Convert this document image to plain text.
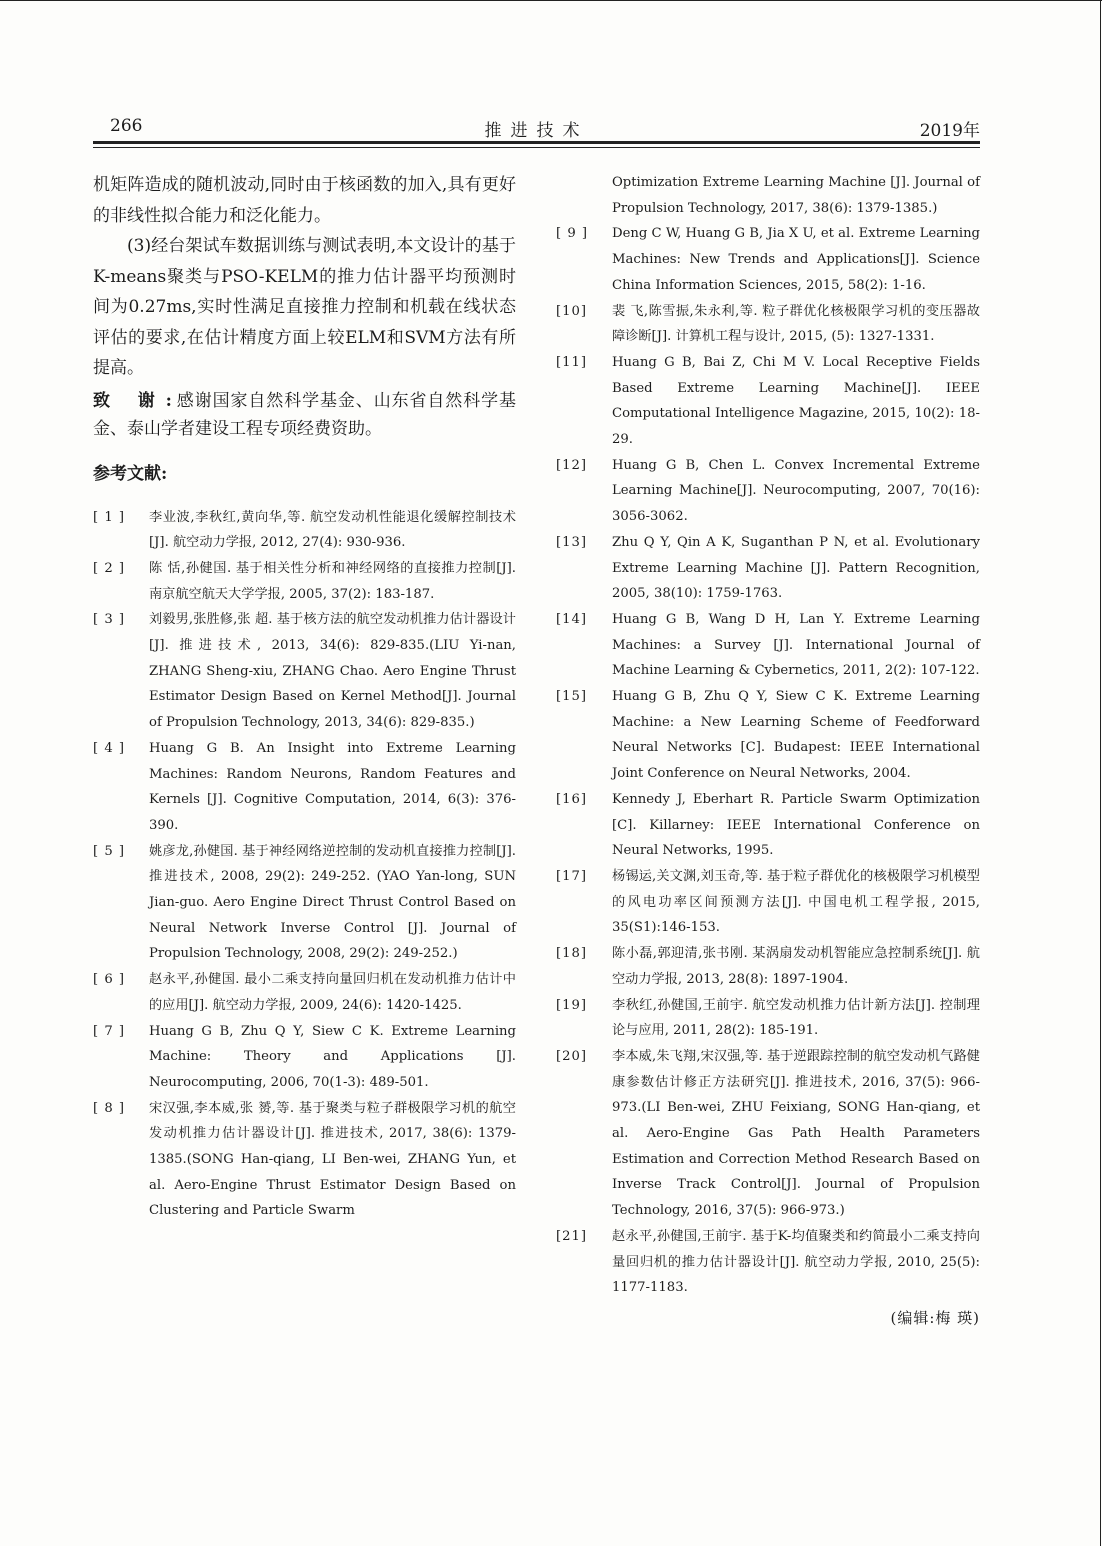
266	推进技术	2019年

机矩阵造成的随机波动,同时由于核函数的加入,具有更好的非线性拟合能力和泛化能力。

(3)经台架试车数据训练与测试表明,本文设计的基于K-means聚类与PSO-KELM的推力估计器平均预测时间为0.27ms,实时性满足直接推力控制和机载在线状态评估的要求,在估计精度方面上较ELM和SVM方法有所提高。

致 谢:感谢国家自然科学基金、山东省自然科学基金、泰山学者建设工程专项经费资助。

参考文献:
[ 1 ]	李业波,李秋红,黄向华,等. 航空发动机性能退化缓解控制技术[J]. 航空动力学报, 2012, 27(4): 930-936.
[ 2 ]	陈 恬,孙健国. 基于相关性分析和神经网络的直接推力控制[J]. 南京航空航天大学学报, 2005, 37(2): 183-187.
[ 3 ]	刘毅男,张胜修,张 超. 基于核方法的航空发动机推力估计器设计[J]. 推进技术, 2013, 34(6): 829-835.(LIU Yi-nan, ZHANG Sheng-xiu, ZHANG Chao. Aero Engine Thrust Estimator Design Based on Kernel Method[J]. Journal of Propulsion Technology, 2013, 34(6): 829-835.)
[ 4 ]	Huang G B. An Insight into Extreme Learning Machines: Random Neurons, Random Features and Kernels [J]. Cognitive Computation, 2014, 6(3): 376-390.
[ 5 ]	姚彦龙,孙健国. 基于神经网络逆控制的发动机直接推力控制[J]. 推进技术, 2008, 29(2): 249-252. (YAO Yan-long, SUN Jian-guo. Aero Engine Direct Thrust Control Based on Neural Network Inverse Control [J]. Journal of Propulsion Technology, 2008, 29(2): 249-252.)
[ 6 ]	赵永平,孙健国. 最小二乘支持向量回归机在发动机推力估计中的应用[J]. 航空动力学报, 2009, 24(6): 1420-1425.
[ 7 ]	Huang G B, Zhu Q Y, Siew C K. Extreme Learning Machine: Theory and Applications [J]. Neurocomputing, 2006, 70(1-3): 489-501.
[ 8 ]	宋汉强,李本威,张 赟,等. 基于聚类与粒子群极限学习机的航空发动机推力估计器设计[J]. 推进技术, 2017, 38(6): 1379-1385.(SONG Han-qiang, LI Ben-wei, ZHANG Yun, et al. Aero-Engine Thrust Estimator Design Based on Clustering and Particle Swarm
Optimization Extreme Learning Machine [J]. Journal of Propulsion Technology, 2017, 38(6): 1379-1385.)
[ 9 ]	Deng C W, Huang G B, Jia X U, et al. Extreme Learning Machines: New Trends and Applications[J]. Science China Information Sciences, 2015, 58(2): 1-16.
[10]	裴 飞,陈雪振,朱永利,等. 粒子群优化核极限学习机的变压器故障诊断[J]. 计算机工程与设计, 2015, (5): 1327-1331.
[11]	Huang G B, Bai Z, Chi M V. Local Receptive Fields Based Extreme Learning Machine[J]. IEEE Computational Intelligence Magazine, 2015, 10(2): 18-29.
[12]	Huang G B, Chen L. Convex Incremental Extreme Learning Machine[J]. Neurocomputing, 2007, 70(16): 3056-3062.
[13]	Zhu Q Y, Qin A K, Suganthan P N, et al. Evolutionary Extreme Learning Machine [J]. Pattern Recognition, 2005, 38(10): 1759-1763.
[14]	Huang G B, Wang D H, Lan Y. Extreme Learning Machines: a Survey [J]. International Journal of Machine Learning & Cybernetics, 2011, 2(2): 107-122.
[15]	Huang G B, Zhu Q Y, Siew C K. Extreme Learning Machine: a New Learning Scheme of Feedforward Neural Networks [C]. Budapest: IEEE International Joint Conference on Neural Networks, 2004.
[16]	Kennedy J, Eberhart R. Particle Swarm Optimization [C]. Killarney: IEEE International Conference on Neural Networks, 1995.
[17]	杨锡运,关文渊,刘玉奇,等. 基于粒子群优化的核极限学习机模型的风电功率区间预测方法[J]. 中国电机工程学报, 2015, 35(S1):146-153.
[18]	陈小磊,郭迎清,张书刚. 某涡扇发动机智能应急控制系统[J]. 航空动力学报, 2013, 28(8): 1897-1904.
[19]	李秋红,孙健国,王前宇. 航空发动机推力估计新方法[J]. 控制理论与应用, 2011, 28(2): 185-191.
[20]	李本威,朱飞翔,宋汉强,等. 基于逆跟踪控制的航空发动机气路健康参数估计修正方法研究[J]. 推进技术, 2016, 37(5): 966-973.(LI Ben-wei, ZHU Feixiang, SONG Han-qiang, et al. Aero-Engine Gas Path Health Parameters Estimation and Correction Method Research Based on Inverse Track Control[J]. Journal of Propulsion Technology, 2016, 37(5): 966-973.)
[21]	赵永平,孙健国,王前宇. 基于K-均值聚类和约简最小二乘支持向量回归机的推力估计器设计[J]. 航空动力学报, 2010, 25(5): 1177-1183.
(编辑:梅 瑛)
